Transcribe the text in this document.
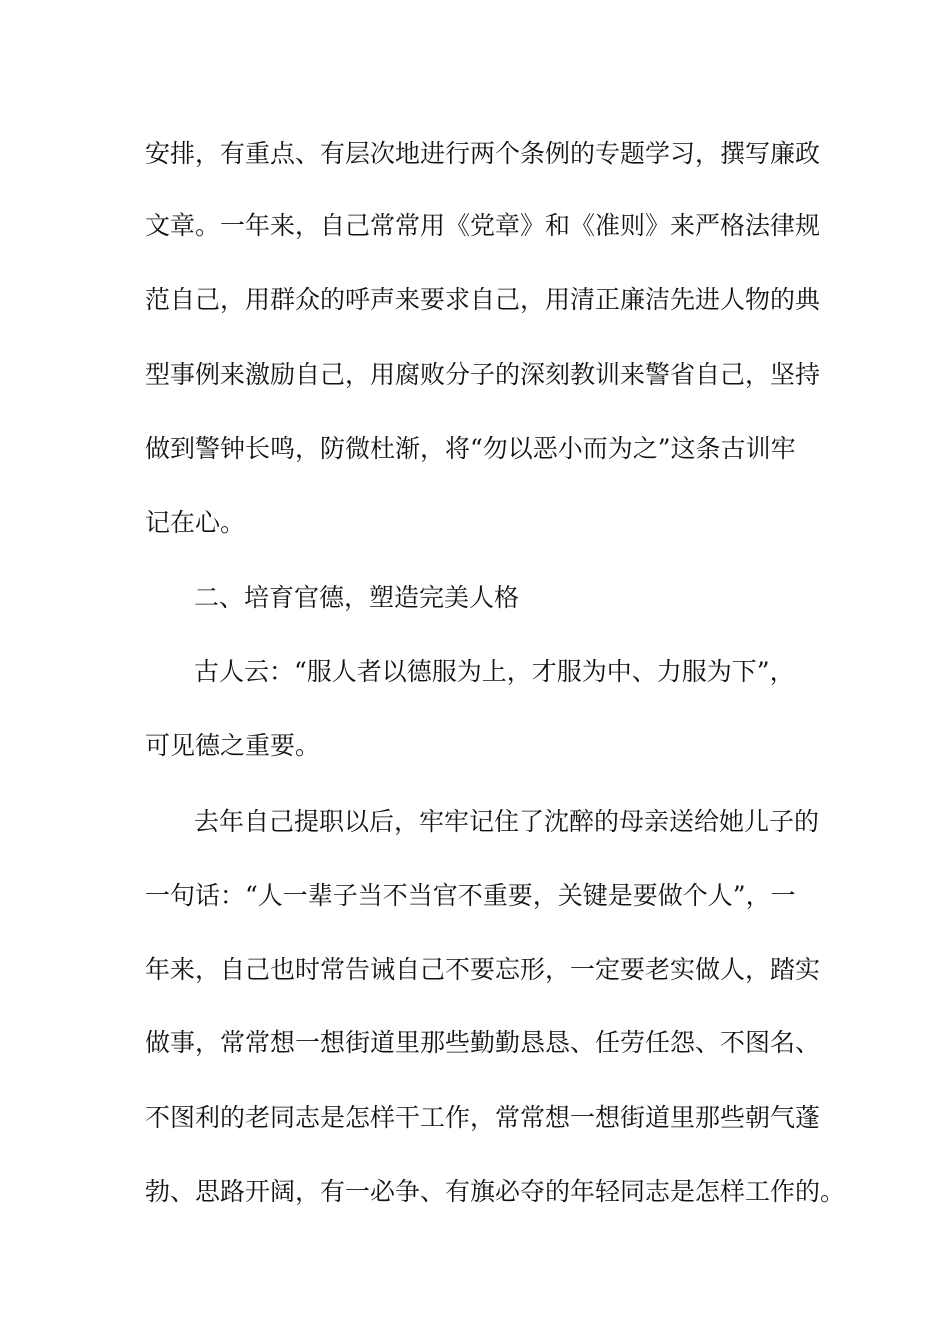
安排，有重点、有层次地进行两个条例的专题学习，撰写廉政
文章。一年来，自己常常用《党章》和《准则》来严格法律规
范自己，用群众的呼声来要求自己，用清正廉洁先进人物的典
型事例来激励自己，用腐败分子的深刻教训来警省自己，坚持
做到警钟长鸣，防微杜渐，将“勿以恶小而为之”这条古训牢
记在心。
二、培育官德，塑造完美人格
古人云：“服人者以德服为上，才服为中、力服为下”，
可见德之重要。
去年自己提职以后，牢牢记住了沈醉的母亲送给她儿子的
一句话：“人一辈子当不当官不重要，关键是要做个人”，一
年来，自己也时常告诫自己不要忘形，一定要老实做人，踏实
做事，常常想一想街道里那些勤勤恳恳、任劳任怨、不图名、
不图利的老同志是怎样干工作，常常想一想街道里那些朝气蓬
勃、思路开阔，有一必争、有旗必夺的年轻同志是怎样工作的。
